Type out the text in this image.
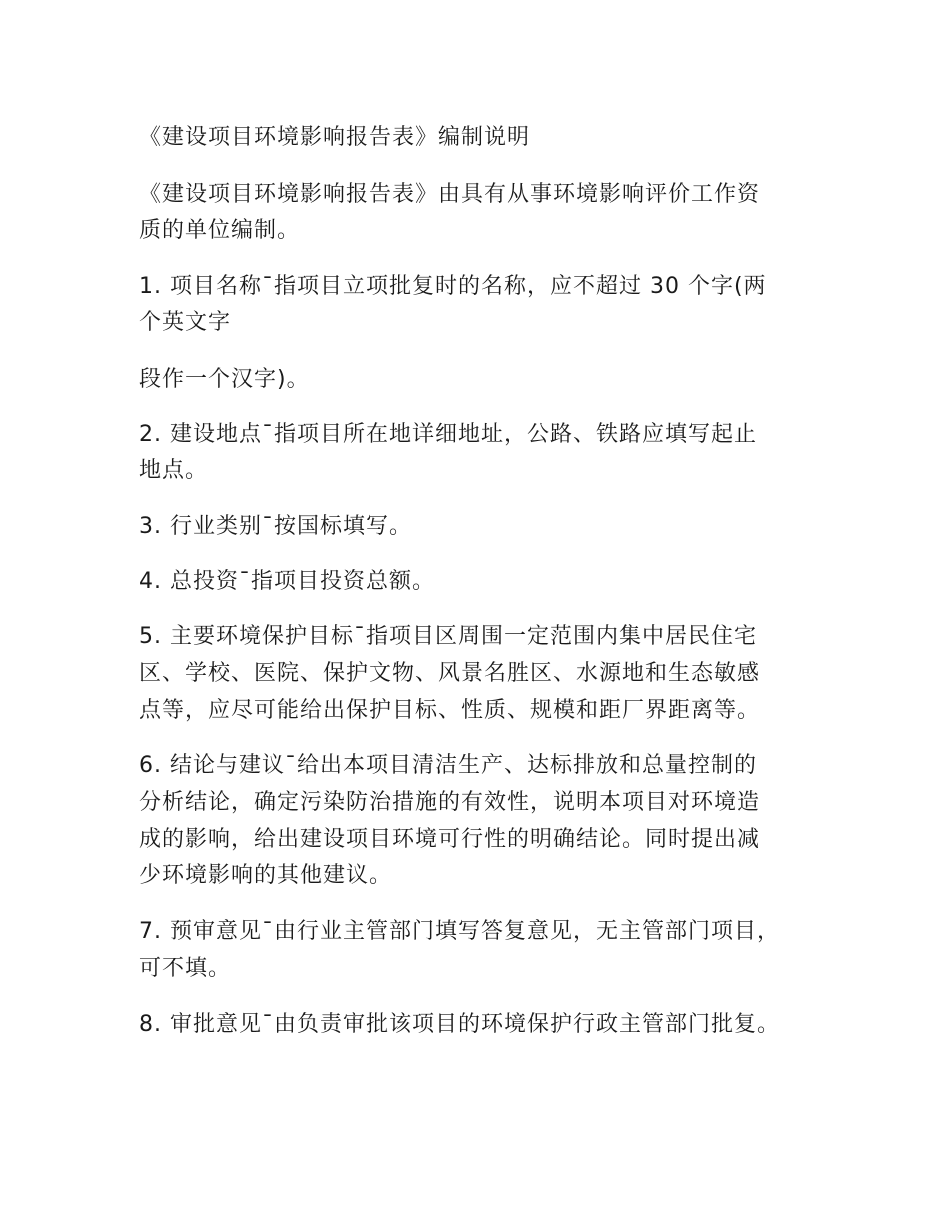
《建设项目环境影响报告表》编制说明
《建设项目环境影响报告表》由具有从事环境影响评价工作资
质的单位编制。
1. 项目名称¯指项目立项批复时的名称，应不超过 30 个字(两
个英文字
段作一个汉字)。
2. 建设地点¯指项目所在地详细地址，公路、铁路应填写起止
地点。
3. 行业类别¯按国标填写。
4. 总投资¯指项目投资总额。
5. 主要环境保护目标¯指项目区周围一定范围内集中居民住宅
区、学校、医院、保护文物、风景名胜区、水源地和生态敏感
点等，应尽可能给出保护目标、性质、规模和距厂界距离等。
6. 结论与建议¯给出本项目清洁生产、达标排放和总量控制的
分析结论，确定污染防治措施的有效性，说明本项目对环境造
成的影响，给出建设项目环境可行性的明确结论。同时提出减
少环境影响的其他建议。
7. 预审意见¯由行业主管部门填写答复意见，无主管部门项目，
可不填。
8. 审批意见¯由负责审批该项目的环境保护行政主管部门批复。
